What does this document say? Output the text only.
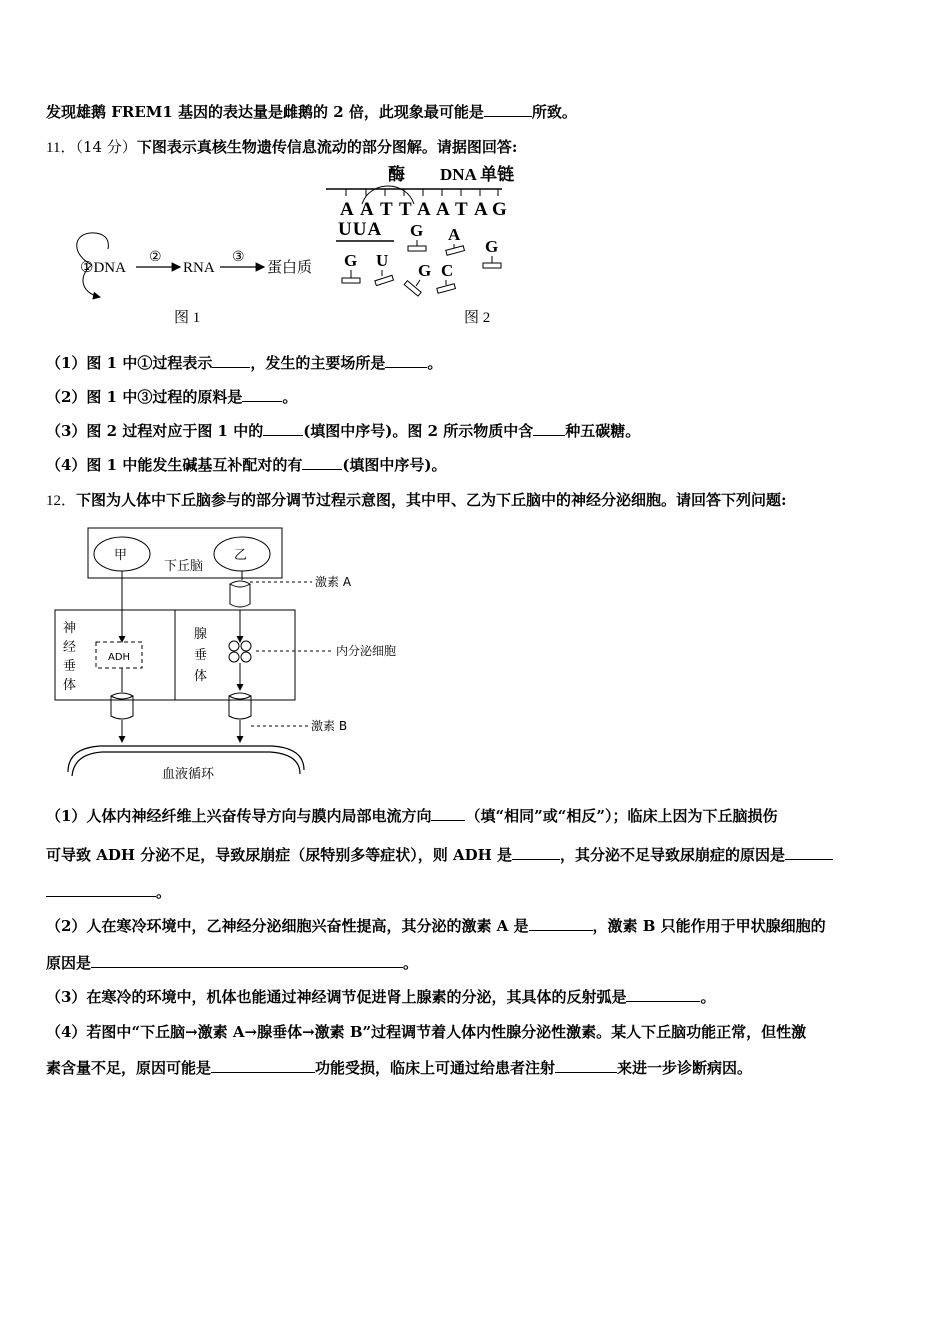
发现雄鹅 FREM1 基因的表达量是雌鹅的 2 倍，此现象最可能是	所致。
11．（14 分）下图表示真核生物遗传信息流动的部分图解。请据图回答:
①DNA
②
RNA
③
蛋白质
图 1
酶 DNA 单链
A A T T A A T A G
UUA G A
G
G U
G C
图 2
（1）图 1 中①过程表示	，发生的主要场所是	。
（2）图 1 中③过程的原料是	。
（3）图 2 过程对应于图 1 中的	(填图中序号)。图 2 所示物质中含 种五碳糖。
（4）图 1 中能发生碱基互补配对的有	(填图中序号)。
12．下图为人体中下丘脑参与的部分调节过程示意图，其中甲、乙为下丘脑中的神经分泌细胞。请回答下列问题:
甲	乙
下丘脑
激素 A
神
经
垂
体
ADH
腺
垂
体
内分泌细胞
激素 B
血液循环
（1）人体内神经纤维上兴奋传导方向与膜内局部电流方向 （填“相同”或“相反”）；临床上因为下丘脑损伤
可导致 ADH 分泌不足，导致尿崩症（尿特别多等症状），则 ADH 是	，其分泌不足导致尿崩症的原因是
。
（2）人在寒冷环境中，乙神经分泌细胞兴奋性提高，其分泌的激素 A 是	，激素 B 只能作用于甲状腺细胞的
原因是	。
（3）在寒冷的环境中，机体也能通过神经调节促进肾上腺素的分泌，其具体的反射弧是	。
（4）若图中“下丘脑→激素 A→腺垂体→激素 B”过程调节着人体内性腺分泌性激素。某人下丘脑功能正常，但性激
素含量不足，原因可能是	功能受损，临床上可通过给患者注射	来进一步诊断病因。
